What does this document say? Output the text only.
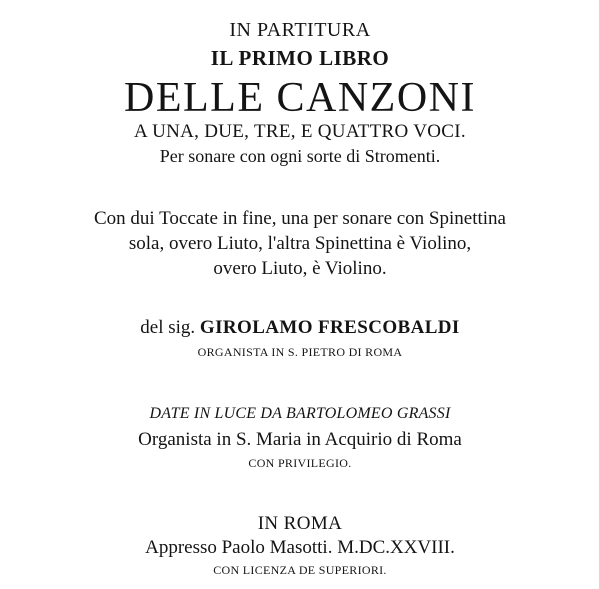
IN PARTITURA
IL PRIMO LIBRO
DELLE CANZONI
A UNA, DUE, TRE, E QUATTRO VOCI.
Per sonare con ogni sorte di Stromenti.
Con dui Toccate in fine, una per sonare con Spinettina
sola, overo Liuto, l'altra Spinettina è Violino,
overo Liuto, è Violino.
del sig. GIROLAMO FRESCOBALDI
ORGANISTA IN S. PIETRO DI ROMA
DATE IN LUCE DA BARTOLOMEO GRASSI
Organista in S. Maria in Acquirio di Roma
CON PRIVILEGIO.
IN ROMA
Appresso Paolo Masotti. M.DC.XXVIII.
CON LICENZA DE SUPERIORI.
